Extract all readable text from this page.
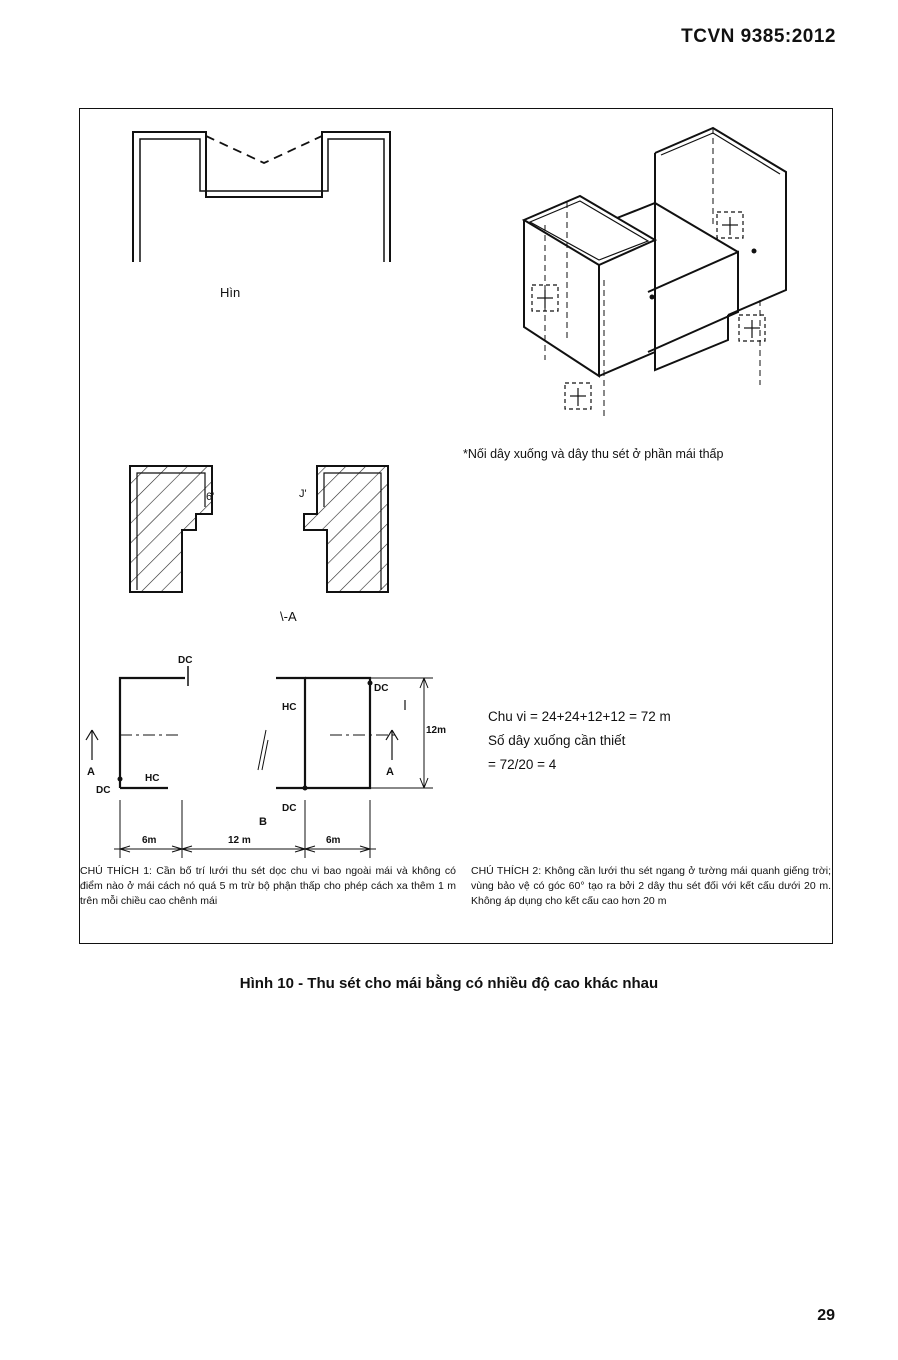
TCVN 9385:2012
Hìn
*Nối dây xuống và dây thu sét ở phần mái thấp
6'	J'
\-A
DC
DC
DC
DC
HC
HC
A	A
B
6m	12 m	6m
12m
Chu vi = 24+24+12+12 = 72 m
Số dây xuống cần thiết
= 72/20 = 4
CHÚ THÍCH 1: Cần bố trí lưới thu sét dọc chu vi bao ngoài mái và không có điểm nào ở mái cách nó quá 5 m trừ bộ phận thấp cho phép cách xa thêm 1 m trên mỗi chiều cao chênh mái
CHÚ THÍCH 2: Không cần lưới thu sét ngang ở tường mái quanh giếng trời; vùng bảo vệ có góc 60° tạo ra bởi 2 dây thu sét đối với kết cấu dưới 20 m. Không áp dụng cho kết cấu cao hơn 20 m
Hình 10 - Thu sét cho mái bằng có nhiều độ cao khác nhau
29
